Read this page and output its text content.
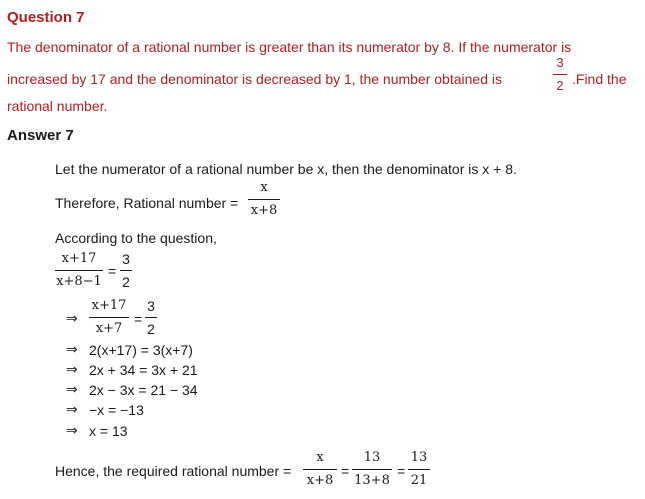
Question 7
The denominator of a rational number is greater than its numerator by 8. If the numerator is
increased by 17 and the denominator is decreased by 1, the number obtained is
3
2 .Find the
rational number.
Answer 7
Let the numerator of a rational number be x, then the denominator is x + 8.
Therefore, Rational number =
x
x+8
According to the question,
x+17
x+8−1
=
3
2
⇒
x+17
x+7
=
3
2
⇒ 2(x+17) = 3(x+7)
⇒ 2x + 34 = 3x + 21
⇒ 2x − 3x = 21 − 34
⇒ −x = −13
⇒ x = 13
Hence, the required rational number =
x
x+8
=
13
13+8
=
13
21
